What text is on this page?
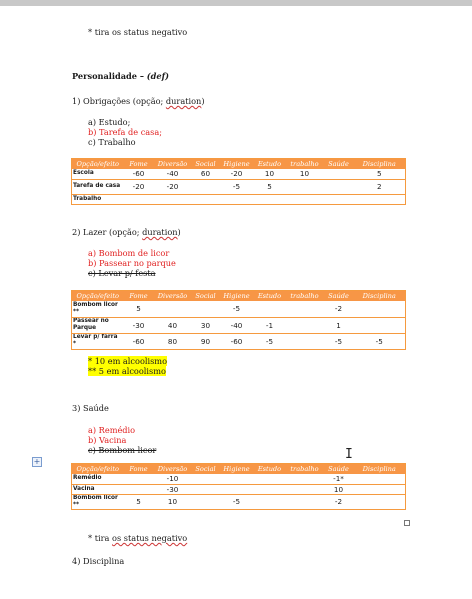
* tira os status negativo
Personalidade – (def)
1) Obrigações (opção; duration)
a) Estudo;
b) Tarefa de casa;
c) Trabalho
Opção/efeito	Fome	Diversão	Social	Higiene	Estudo	trabalho	Saúde	Disciplina
Escola	-60	-40	60	-20	10	10		5
Tarefa de casa	-20	-20		-5	5			2
Trabalho								
2) Lazer (opção; duration)
a) Bombom de licor
b) Passear no parque
c) Levar p/ festa
Opção/efeito	Fome	Diversão	Social	Higiene	Estudo	trabalho	Saúde	Disciplina
Bombom licor **	5			-5			-2	
Passear no Parque	-30	40	30	-40	-1		1	
Levar p/ farra *	-60	80	90	-60	-5		-5	-5
* 10 em alcoolismo
** 5 em alcoolismo
3) Saúde
a) Remédio
b) Vacina
c) Bombom licor
+	I
Opção/efeito	Fome	Diversão	Social	Higiene	Estudo	trabalho	Saúde	Disciplina
Remédio		-10					-1*	
Vacina		-30					10	
Bombom licor **	5	10		-5			-2	
* tira os status negativo
4) Disciplina
